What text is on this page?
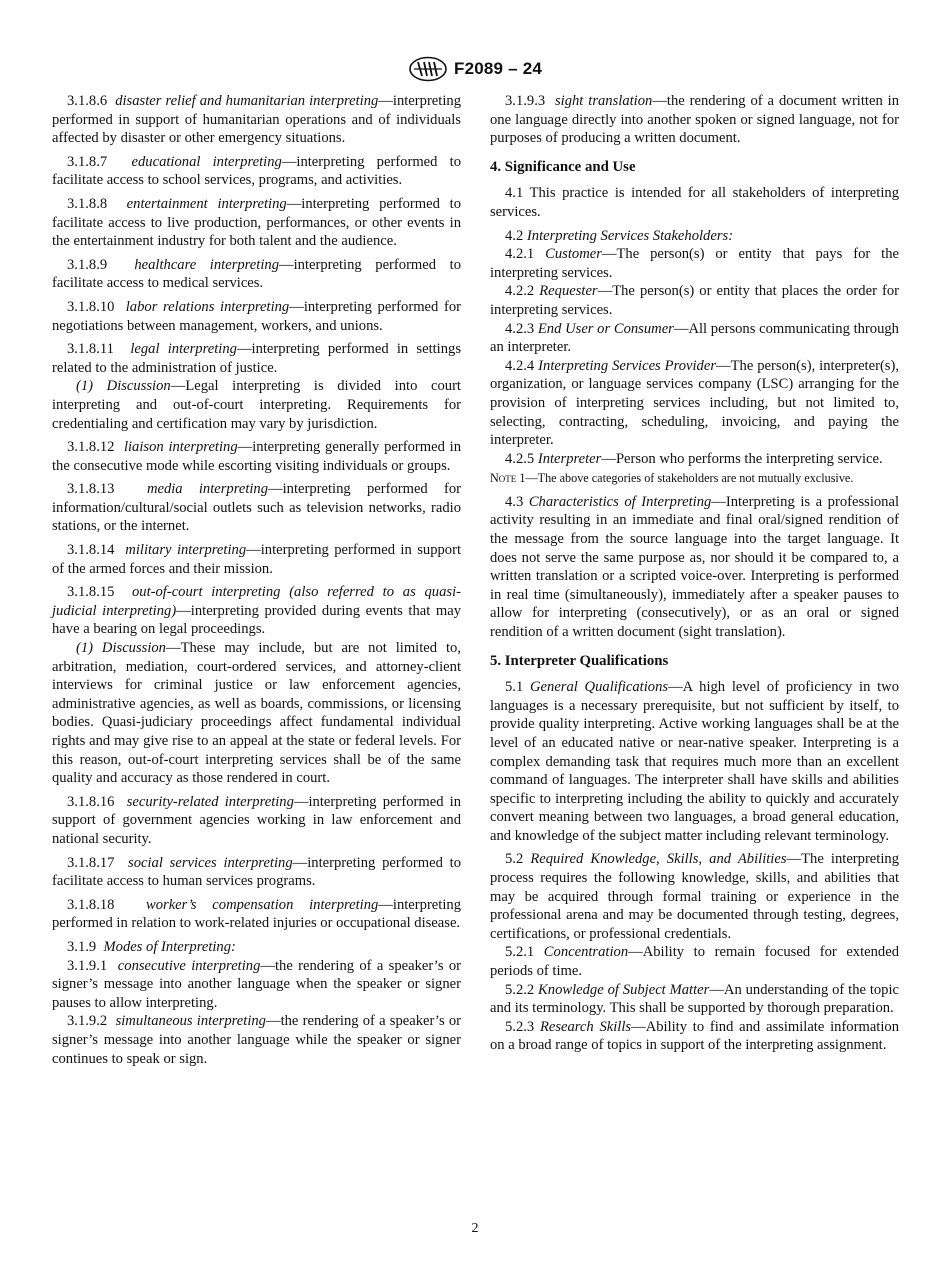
F2089 – 24

3.1.8.6 disaster relief and humanitarian interpreting—interpreting performed in support of humanitarian operations and of individuals affected by disaster or other emergency situations.

3.1.8.7 educational interpreting—interpreting performed to facilitate access to school services, programs, and activities.

3.1.8.8 entertainment interpreting—interpreting performed to facilitate access to live production, performances, or other events in the entertainment industry for both talent and the audience.

3.1.8.9 healthcare interpreting—interpreting performed to facilitate access to medical services.

3.1.8.10 labor relations interpreting—interpreting performed for negotiations between management, workers, and unions.

3.1.8.11 legal interpreting—interpreting performed in settings related to the administration of justice.

(1) Discussion—Legal interpreting is divided into court interpreting and out-of-court interpreting. Requirements for credentialing and certification may vary by jurisdiction.

3.1.8.12 liaison interpreting—interpreting generally performed in the consecutive mode while escorting visiting individuals or groups.

3.1.8.13 media interpreting—interpreting performed for information/cultural/social outlets such as television networks, radio stations, or the internet.

3.1.8.14 military interpreting—interpreting performed in support of the armed forces and their mission.

3.1.8.15 out-of-court interpreting (also referred to as quasi-judicial interpreting)—interpreting provided during events that may have a bearing on legal proceedings.

(1) Discussion—These may include, but are not limited to, arbitration, mediation, court-ordered services, and attorney-client interviews for criminal justice or law enforcement agencies, administrative agencies, as well as boards, commissions, or licensing bodies. Quasi-judiciary proceedings affect fundamental individual rights and may give rise to an appeal at the state or federal levels. For this reason, out-of-court interpreting services shall be of the same quality and accuracy as those rendered in court.

3.1.8.16 security-related interpreting—interpreting performed in support of government agencies working in law enforcement and national security.

3.1.8.17 social services interpreting—interpreting performed to facilitate access to human services programs.

3.1.8.18 worker’s compensation interpreting—interpreting performed in relation to work-related injuries or occupational disease.

3.1.9 Modes of Interpreting:

3.1.9.1 consecutive interpreting—the rendering of a speaker’s or signer’s message into another language when the speaker or signer pauses to allow interpreting.

3.1.9.2 simultaneous interpreting—the rendering of a speaker’s or signer’s message into another language while the speaker or signer continues to speak or sign.

3.1.9.3 sight translation—the rendering of a document written in one language directly into another spoken or signed language, not for purposes of producing a written document.

4. Significance and Use

4.1 This practice is intended for all stakeholders of interpreting services.

4.2 Interpreting Services Stakeholders:

4.2.1 Customer—The person(s) or entity that pays for the interpreting services.

4.2.2 Requester—The person(s) or entity that places the order for interpreting services.

4.2.3 End User or Consumer—All persons communicating through an interpreter.

4.2.4 Interpreting Services Provider—The person(s), interpreter(s), organization, or language services company (LSC) arranging for the provision of interpreting services including, but not limited to, selecting, contracting, scheduling, invoicing, and paying the interpreter.

4.2.5 Interpreter—Person who performs the interpreting service.

Note 1—The above categories of stakeholders are not mutually exclusive.

4.3 Characteristics of Interpreting—Interpreting is a professional activity resulting in an immediate and final oral/signed rendition of the message from the source language into the target language. It does not serve the same purpose as, nor should it be compared to, a written translation or a scripted voice-over. Interpreting is performed in real time (simultaneously), immediately after a speaker pauses to allow for interpreting (consecutively), or as an oral or signed rendition of a written document (sight translation).

5. Interpreter Qualifications

5.1 General Qualifications—A high level of proficiency in two languages is a necessary prerequisite, but not sufficient by itself, to provide quality interpreting. Active working languages shall be at the level of an educated native or near-native speaker. Interpreting is a complex demanding task that requires much more than an excellent command of languages. The interpreter shall have skills and abilities specific to interpreting including the ability to quickly and accurately convert meaning between two languages, a broad general education, and knowledge of the subject matter including relevant terminology.

5.2 Required Knowledge, Skills, and Abilities—The interpreting process requires the following knowledge, skills, and abilities that may be acquired through formal training or experience in the professional arena and may be documented through testing, degrees, certifications, or professional credentials.

5.2.1 Concentration—Ability to remain focused for extended periods of time.

5.2.2 Knowledge of Subject Matter—An understanding of the topic and its terminology. This shall be supported by thorough preparation.

5.2.3 Research Skills—Ability to find and assimilate information on a broad range of topics in support of the interpreting assignment.

2
